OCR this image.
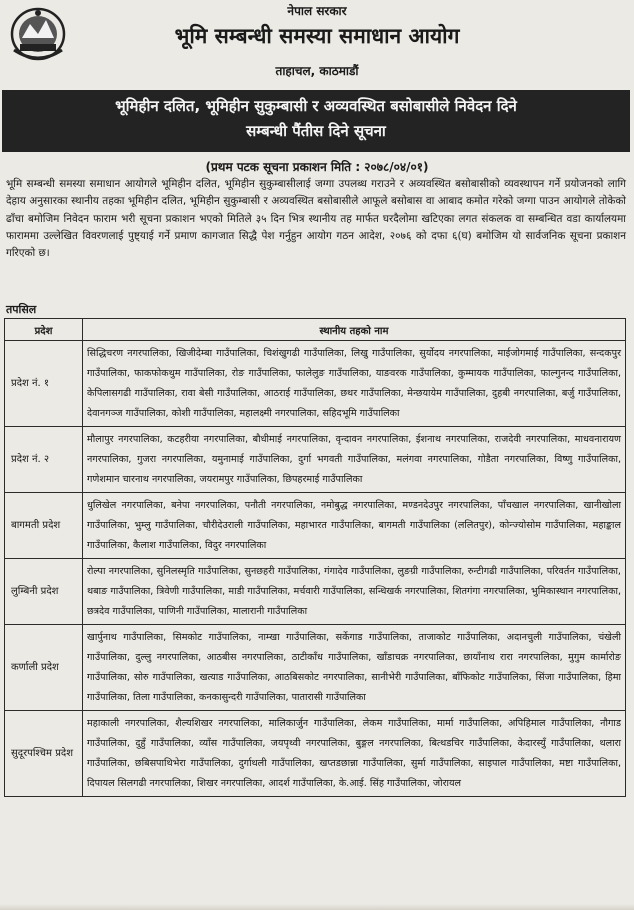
नेपाल सरकार
भूमि सम्बन्धी समस्या समाधान आयोग
ताहाचल, काठमाडौं
भूमिहीन दलित, भूमिहीन सुकुम्बासी र अव्यवस्थित बसोबासीले निवेदन दिने
सम्बन्धी पैंतीस दिने सूचना
(प्रथम पटक सूचना प्रकाशन मिति : २०७८/०४/०१)

भूमि सम्बन्धी समस्या समाधान आयोगले भूमिहीन दलित, भूमिहीन सुकुम्बासीलाई जग्गा उपलब्ध गराउने र अव्यवस्थित बसोबासीको व्यवस्थापन गर्ने प्रयोजनको लागि देहाय अनुसारका स्थानीय तहका भूमिहीन दलित, भूमिहीन सुकुम्बासी र अव्यवस्थित बसोबासीले आफूले बसोबास वा आबाद कमोत गरेको जग्गा पाउन आयोगले तोकेको ढाँचा बमोजिम निवेदन फाराम भरी सूचना प्रकाशन भएको मितिले ३५ दिन भित्र स्थानीय तह मार्फत घरदैलोमा खटिएका लगत संकलक वा सम्बन्धित वडा कार्यालयमा फाराममा उल्लेखित विवरणलाई पुष्ट्याई गर्ने प्रमाण कागजात सिद्धै पेश गर्नुहुन आयोग गठन आदेश, २०७६ को दफा ६(घ) बमोजिम यो सार्वजनिक सूचना प्रकाशन गरिएको छ।

तपसिल
प्रदेश	स्थानीय तहको नाम
प्रदेश नं. १	सिद्धिचरण नगरपालिका, खिजीदेम्बा गाउँपालिका, चिशंखुगढी गाउँपालिका, लिखु गाउँपालिका, सुर्योदय नगरपालिका, माईजोगमाई गाउँपालिका, सन्दकपुर गाउँपालिका, फाकफोकथुम गाउँपालिका, रोङ गाउँपालिका, फालेलुङ गाउँपालिका, याङवरक गाउँपालिका, कुम्मायक गाउँपालिका, फाल्गुनन्द गाउँपालिका, केपिलासगढी गाउँपालिका, रावा बेसी गाउँपालिका, आठराई गाउँपालिका, छथर गाउँपालिका, मेन्छयायेम गाउँपालिका, दुहबी नगरपालिका, बर्जु गाउँपालिका, देवानगञ्ज गाउँपालिका, कोशी गाउँपालिका, महालक्ष्मी नगरपालिका, सहिदभूमि गाउँपालिका
प्रदेश नं. २	मौलापुर नगरपालिका, कटहरीया नगरपालिका, बौधीमाई नगरपालिका, वृन्दावन नगरपालिका, ईशनाथ नगरपालिका, राजदेवी नगरपालिका, माधवनारायण नगरपालिका, गुजरा नगरपालिका, यमुनामाई गाउँपालिका, दुर्गा भगवती गाउँपालिका, मलंगवा नगरपालिका, गोडैता नगरपालिका, विष्णु गाउँपालिका, गणेशमान चारनाथ नगरपालिका, जयरामपुर गाउँपालिका, छिपहरमाई गाउँपालिका
बागमती प्रदेश	धुलिखेल नगरपालिका, बनेपा नगरपालिका, पनौती नगरपालिका, नमोबुद्ध नगरपालिका, मण्डनदेउपुर नगरपालिका, पाँचखाल नगरपालिका, खानीखोला गाउँपालिका, भुम्लु गाउँपालिका, चौरीदेउराली गाउँपालिका, महाभारत गाउँपालिका, बागमती गाउँपालिका (ललितपुर), कोन्ज्योसोम गाउँपालिका, महाङ्काल गाउँपालिका, कैलाश गाउँपालिका, विदुर नगरपालिका
लुम्बिनी प्रदेश	रोल्पा नगरपालिका, सुनिलस्मृति गाउँपालिका, सुनछहरी गाउँपालिका, गंगादेव गाउँपालिका, लुङग्री गाउँपालिका, रुन्टीगढी गाउँपालिका, परिवर्तन गाउँपालिका, थबाङ गाउँपालिका, त्रिवेणी गाउँपालिका, माडी गाउँपालिका, मर्चवारी गाउँपालिका, सन्धिखर्क नगरपालिका, शितगंगा नगरपालिका, भुमिकास्थान नगरपालिका, छत्रदेव गाउँपालिका, पाणिनी गाउँपालिका, मालारानी गाउँपालिका
कर्णाली प्रदेश	खार्पुनाथ गाउँपालिका, सिमकोट गाउँपालिका, नाम्खा गाउँपालिका, सर्केगाड गाउँपालिका, ताजाकोट गाउँपालिका, अदानचुली गाउँपालिका, चंखेली गाउँपालिका, दुल्लु नगरपालिका, आठबीस नगरपालिका, ठाटीकाँध गाउँपालिका, खाँडाचक्र नगरपालिका, छायाँनाथ रारा नगरपालिका, मुगुम कार्मारोङ गाउँपालिका, सोरु गाउँपालिका, खत्याड गाउँपालिका, आठबिसकोट नगरपालिका, सानीभेरी गाउँपालिका, बाँफिकोट गाउँपालिका, सिंजा गाउँपालिका, हिमा गाउँपालिका, तिला गाउँपालिका, कनकासुन्दरी गाउँपालिका, पातारासी गाउँपालिका
सुदूरपश्चिम प्रदेश	महाकाली नगरपालिका, शैल्यशिखर नगरपालिका, मालिकार्जुन गाउँपालिका, लेकम गाउँपालिका, मार्मा गाउँपालिका, अपिहिमाल गाउँपालिका, नौगाड गाउँपालिका, दुहुँ गाउँपालिका, व्याँस गाउँपालिका, जयपृथ्वी नगरपालिका, बुङ्गल नगरपालिका, बित्थडचिर गाउँपालिका, केदारस्युँ गाउँपालिका, थलारा गाउँपालिका, छबिसपाथिभेरा गाउँपालिका, दुर्गाथली गाउँपालिका, खप्तडछान्ना गाउँपालिका, सुर्मा गाउँपालिका, साइपाल गाउँपालिका, मष्टा गाउँपालिका, दिपायल सिलगढी नगरपालिका, शिखर नगरपालिका, आदर्श गाउँपालिका, के.आई. सिंह गाउँपालिका, जोरायल
